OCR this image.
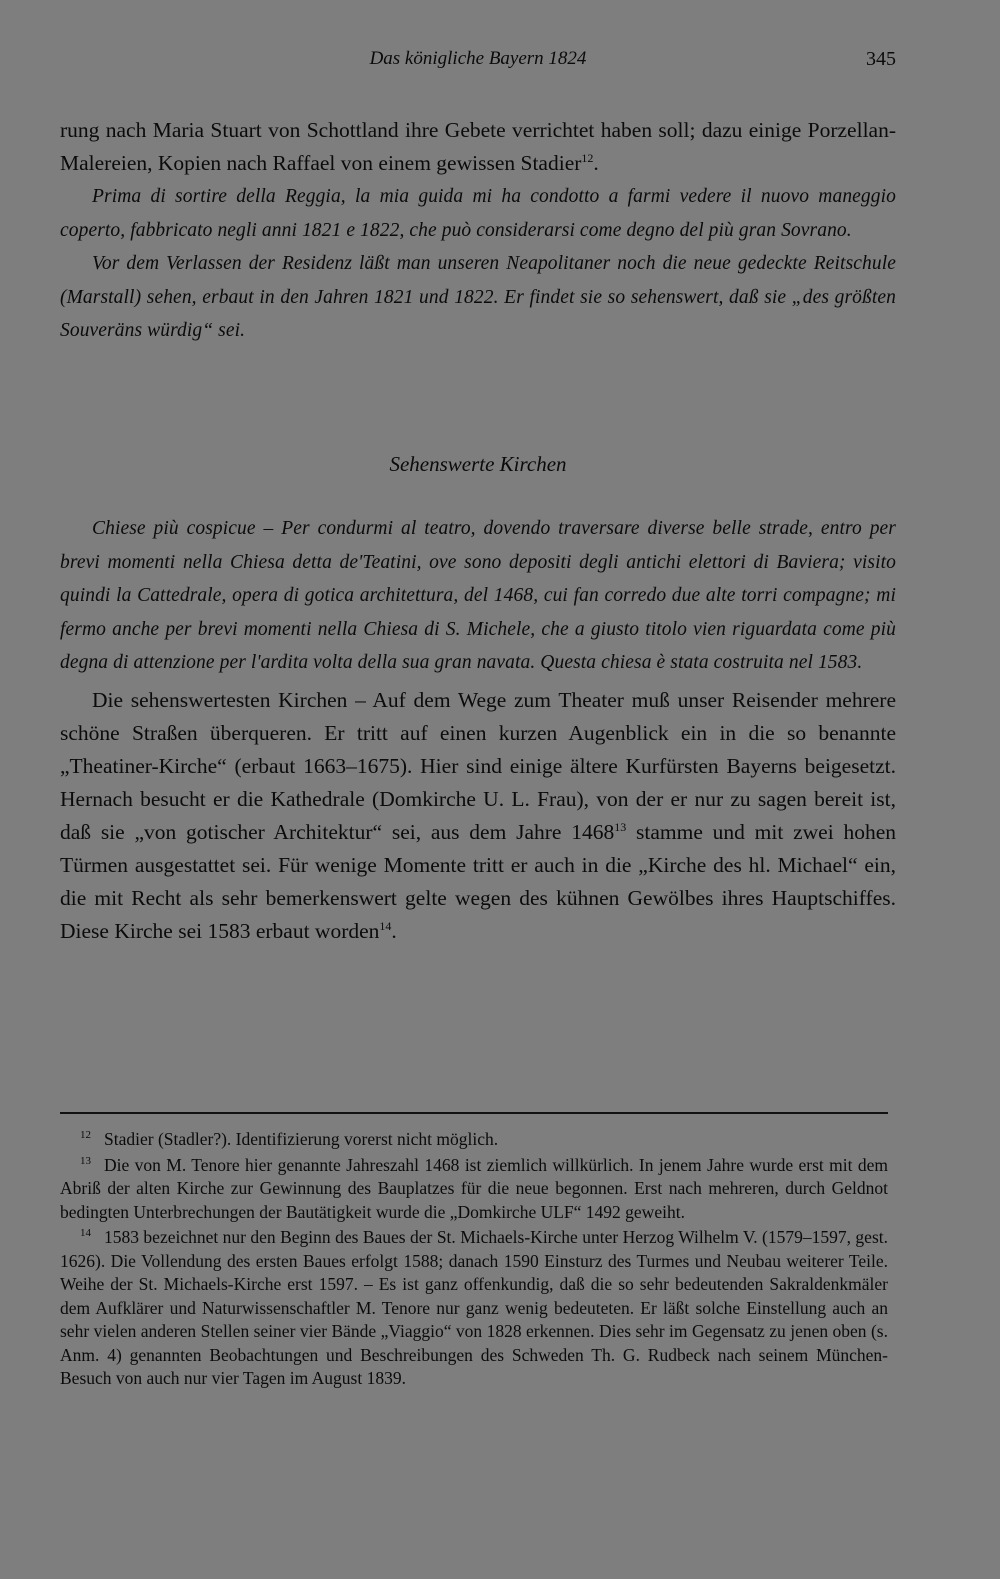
Das königliche Bayern 1824	345

rung nach Maria Stuart von Schottland ihre Gebete verrichtet haben soll; dazu einige Porzellan-Malereien, Kopien nach Raffael von einem gewissen Stadier$^{12}$.

Prima di sortire della Reggia, la mia guida mi ha condotto a farmi vedere il nuovo maneggio coperto, fabbricato negli anni 1821 e 1822, che può considerarsi come degno del più gran Sovrano.

Vor dem Verlassen der Residenz läßt man unseren Neapolitaner noch die neue gedeckte Reitschule (Marstall) sehen, erbaut in den Jahren 1821 und 1822. Er findet sie so sehenswert, daß sie „des größten Souveräns würdig“ sei.

Sehenswerte Kirchen

Chiese più cospicue – Per condurmi al teatro, dovendo traversare diverse belle strade, entro per brevi momenti nella Chiesa detta de'Teatini, ove sono depositi degli antichi elettori di Baviera; visito quindi la Cattedrale, opera di gotica architettura, del 1468, cui fan corredo due alte torri compagne; mi fermo anche per brevi momenti nella Chiesa di S. Michele, che a giusto titolo vien riguardata come più degna di attenzione per l'ardita volta della sua gran navata. Questa chiesa è stata costruita nel 1583.

Die sehenswertesten Kirchen – Auf dem Wege zum Theater muß unser Reisender mehrere schöne Straßen überqueren. Er tritt auf einen kurzen Augenblick ein in die so benannte „Theatiner-Kirche“ (erbaut 1663–1675). Hier sind einige ältere Kurfürsten Bayerns beigesetzt. Hernach besucht er die Kathedrale (Domkirche U. L. Frau), von der er nur zu sagen bereit ist, daß sie „von gotischer Architektur“ sei, aus dem Jahre 1468$^{13}$ stamme und mit zwei hohen Türmen ausgestattet sei. Für wenige Momente tritt er auch in die „Kirche des hl. Michael“ ein, die mit Recht als sehr bemerkenswert gelte wegen des kühnen Gewölbes ihres Hauptschiffes. Diese Kirche sei 1583 erbaut worden$^{14}$.

$^{12}$ Stadier (Stadler?). Identifizierung vorerst nicht möglich.

$^{13}$ Die von M. Tenore hier genannte Jahreszahl 1468 ist ziemlich willkürlich. In jenem Jahre wurde erst mit dem Abriß der alten Kirche zur Gewinnung des Bauplatzes für die neue begonnen. Erst nach mehreren, durch Geldnot bedingten Unterbrechungen der Bautätigkeit wurde die „Domkirche ULF“ 1492 geweiht.

$^{14}$ 1583 bezeichnet nur den Beginn des Baues der St. Michaels-Kirche unter Herzog Wilhelm V. (1579–1597, gest. 1626). Die Vollendung des ersten Baues erfolgt 1588; danach 1590 Einsturz des Turmes und Neubau weiterer Teile. Weihe der St. Michaels-Kirche erst 1597. – Es ist ganz offenkundig, daß die so sehr bedeutenden Sakraldenkmäler dem Aufklärer und Naturwissenschaftler M. Tenore nur ganz wenig bedeuteten. Er läßt solche Einstellung auch an sehr vielen anderen Stellen seiner vier Bände „Viaggio“ von 1828 erkennen. Dies sehr im Gegensatz zu jenen oben (s. Anm. 4) genannten Beobachtungen und Beschreibungen des Schweden Th. G. Rudbeck nach seinem München-Besuch von auch nur vier Tagen im August 1839.
